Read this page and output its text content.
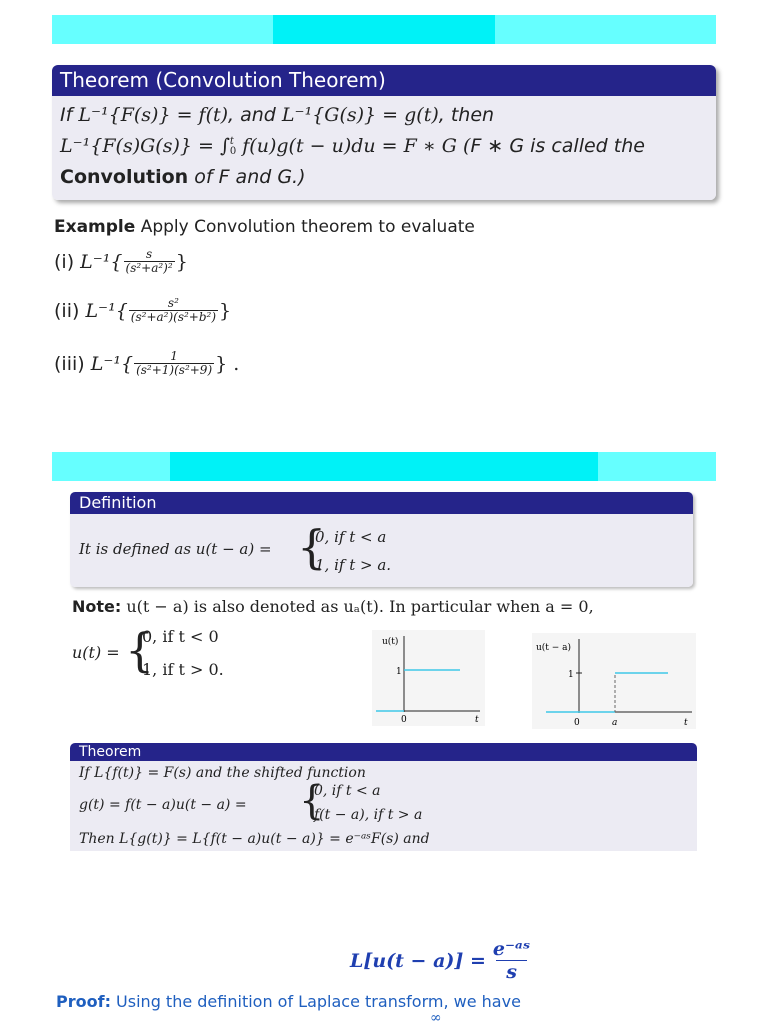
Theorem (Convolution Theorem)
If L⁻¹{F(s)} = f(t), and L⁻¹{G(s)} = g(t), then
L⁻¹{F(s)G(s)} = ∫ t
0 f(u)g(t − u)du = F ∗ G (F ∗ G is called the
Convolution of F and G.)
Example Apply Convolution theorem to evaluate
(i)
$L^{-1}\{ \frac{s}{\text{(s²+a²)²}}$ }
(ii)
$L^{-1}\{ \frac{\text{s²}}{\text{(s²+a²)(s²+b²)}}$ }
(iii)
$L^{-1}\{ \frac{1}{\text{(s²+1)(s²+9)}}$ } .
Definition
It is defined as u(t − a) = {
0, if t < a
1, if t > a.
Note: u(t − a) is also denoted as uₐ(t). In particular when a = 0,
u(t) = {
0, if t < 0
1, if t > 0.
u(t)
1
0	t
u(t − a)
1
0	a	t
Theorem
If L{f(t)} = F(s) and the shifted function
g(t) = f(t − a)u(t − a) = {
0, if t < a
f(t − a), if t > a
Then L{g(t)} = L{f(t − a)u(t − a)} = e⁻ᵃˢF(s) and
$L[u(t - a)] = \frac{\text{e⁻ᵃˢ}}{s}$
Proof: Using the definition of Laplace transform, we have
∞
